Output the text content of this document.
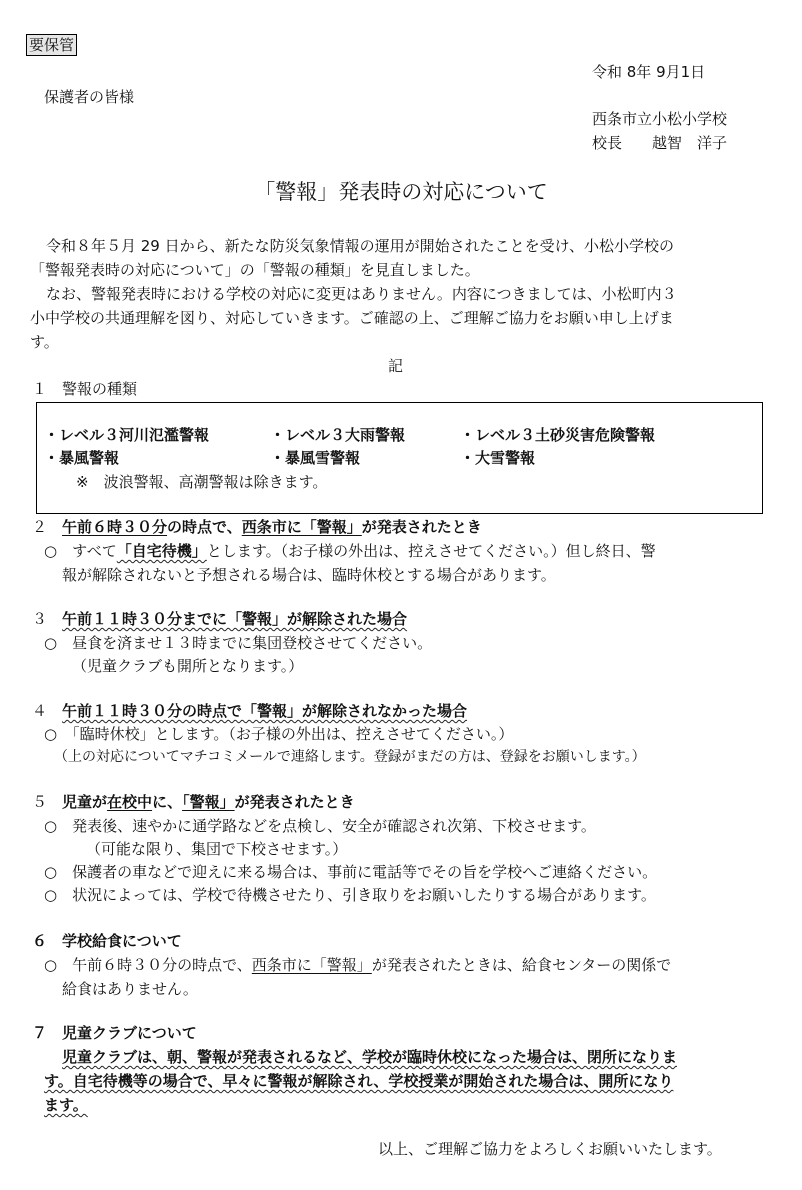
要保管
令和 8年 9月1日
保護者の皆様
西条市立小松小学校
校長　　越智　洋子
「警報」発表時の対応について
令和８年５月 29 日から、新たな防災気象情報の運用が開始されたことを受け、小松小学校の
「警報発表時の対応について」の「警報の種類」を見直しました。
なお、警報発表時における学校の対応に変更はありません。内容につきましては、小松町内３
小中学校の共通理解を図り、対応していきます。ご確認の上、ご理解ご協力をお願い申し上げま
す。
記
１　警報の種類
・レベル３河川氾濫警報	・レベル３大雨警報	・レベル３土砂災害危険警報
・暴風警報	・暴風雪警報	・大雪警報
※　波浪警報、高潮警報は除きます。
２　 午前６時３０分の時点で、西条市に「警報」が発表されたとき
○　すべて「自宅待機」とします。（お子様の外出は、控えさせてください。）但し終日、警
報が解除されないと予想される場合は、臨時休校とする場合があります。
３　 午前１１時３０分までに「警報」が解除された場合
○　昼食を済ませ１３時までに集団登校させてください。
（児童クラブも開所となります。）
４　 午前１１時３０分の時点で「警報」が解除されなかった場合
○　「臨時休校」とします。（お子様の外出は、控えさせてください。）
（上の対応についてマチコミメールで連絡します。登録がまだの方は、登録をお願いします。）
５　 児童が在校中に、「警報」が発表されたとき
○　発表後、速やかに通学路などを点検し、安全が確認され次第、下校させます。
（可能な限り、集団で下校させます。）
○　保護者の車などで迎えに来る場合は、事前に電話等でその旨を学校へご連絡ください。
○　状況によっては、学校で待機させたり、引き取りをお願いしたりする場合があります。
６　学校給食について
○　午前６時３０分の時点で、西条市に「警報」が発表されたときは、給食センターの関係で
給食はありません。
７　児童クラブについて
児童クラブは、朝、警報が発表されるなど、学校が臨時休校になった場合は、閉所になりま
す。自宅待機等の場合で、早々に警報が解除され、学校授業が開始された場合は、開所になり
ます。
以上、ご理解ご協力をよろしくお願いいたします。
